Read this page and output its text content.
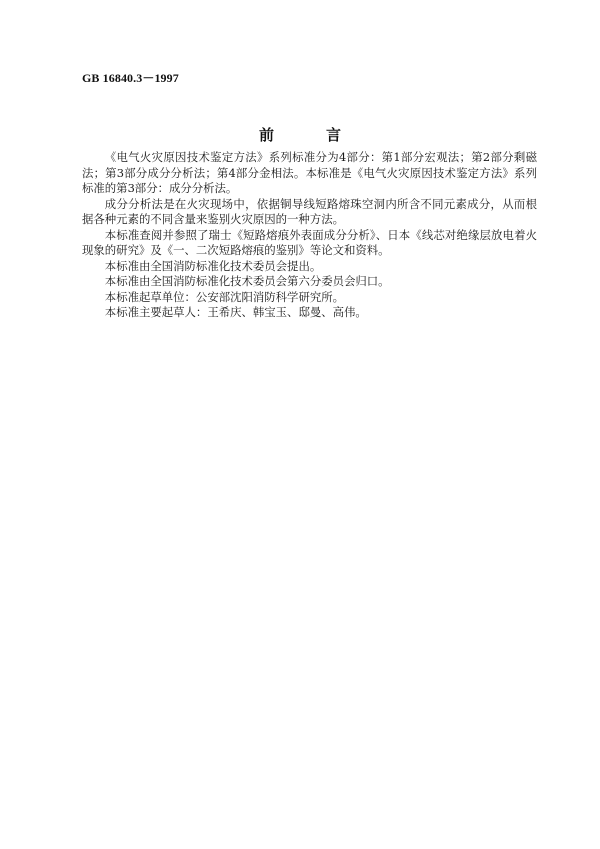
GB 16840.3－1997
前	言

《电气火灾原因技术鉴定方法》系列标准分为4部分：第1部分宏观法；第2部分剩磁法；第3部分成分分析法；第4部分金相法。本标准是《电气火灾原因技术鉴定方法》系列标准的第3部分：成分分析法。

成分分析法是在火灾现场中，依据铜导线短路熔珠空洞内所含不同元素成分，从而根据各种元素的不同含量来鉴别火灾原因的一种方法。

本标准查阅并参照了瑞士《短路熔痕外表面成分分析》、日本《线芯对绝缘层放电着火现象的研究》及《一、二次短路熔痕的鉴别》等论文和资料。

本标准由全国消防标准化技术委员会提出。

本标准由全国消防标准化技术委员会第六分委员会归口。

本标准起草单位：公安部沈阳消防科学研究所。

本标准主要起草人：王希庆、韩宝玉、邸曼、高伟。
